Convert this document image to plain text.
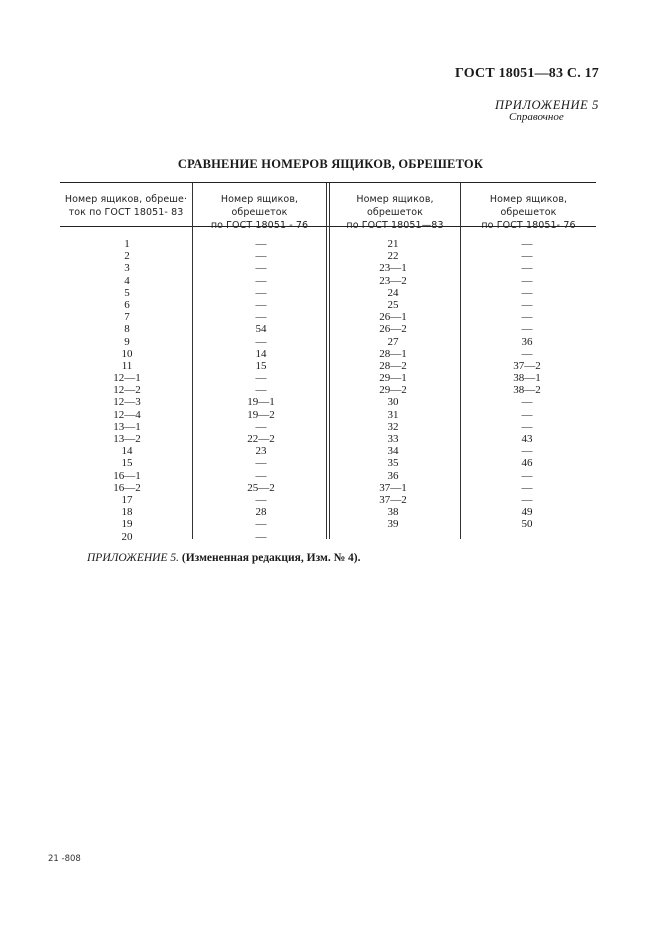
ГОСТ 18051—83 С. 17
ПРИЛОЖЕНИЕ 5
Справочное
СРАВНЕНИЕ НОМЕРОВ ЯЩИКОВ, ОБРЕШЕТОК
Номер ящиков, обреше·
ток по ГОСТ 18051- 83
Номер ящиков, обрешеток
по ГОСТ 18051 - 76
Номер ящиков, обрешеток
по ГОСТ 18051—83
Номер ящиков, обрешеток
по ГОСТ 18051- 76
1
2
3
4
5
6
7
8
9
10
11
12—1
12—2
12—3
12—4
13—1
13—2
14
15
16—1
16—2
17
18
19
20
—
—
—
—
—
—
—
54
—
14
15
—
—
19—1
19—2
—
22—2
23
—
—
25—2
—
28
—
—
21
22
23—1
23—2
24
25
26—1
26—2
27
28—1
28—2
29—1
29—2
30
31
32
33
34
35
36
37—1
37—2
38
39
—
—
—
—
—
—
—
—
36
—
37—2
38—1
38—2
—
—
—
43
—
46
—
—
—
49
50
ПРИЛОЖЕНИЕ 5. (Измененная редакция, Изм. № 4).
21 -808
